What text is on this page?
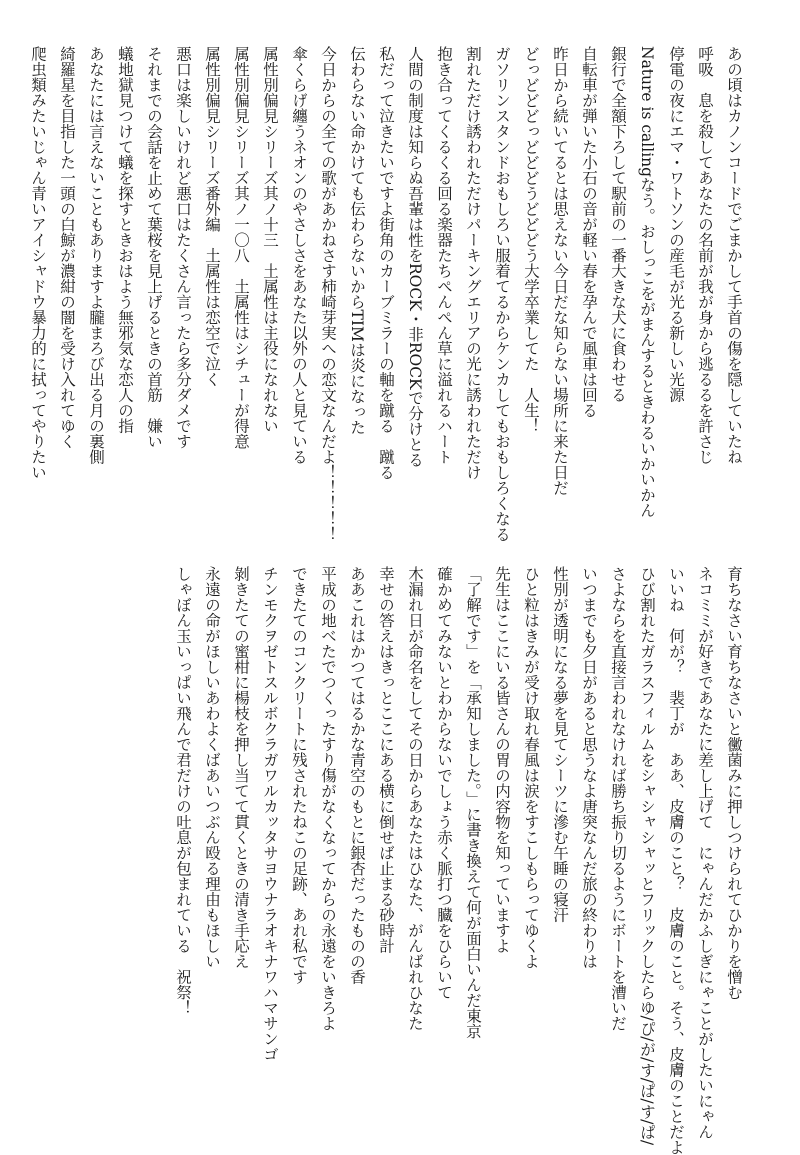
あの頃はカノンコードでごまかして手首の傷を隠していたね
呼吸　息を殺してあなたの名前が我が身から逃るるを許さじ
停電の夜にエマ・ワトソンの産毛が光る新しい光源
Nature is callingなう。おしっこをがまんするときわるいかいかん
銀行で全額下ろして駅前の一番大きな犬に食わせる
自転車が弾いた小石の音が軽い春を孕んで風車は回る
昨日から続いてるとは思えない今日だな知らない場所に来た日だ
どっどどどっどどどうどどどう大学卒業してた　人生！
ガソリンスタンドおもしろい服着てるからケンカしてもおもしろくなる
割れただけ誘われただけパーキングエリアの光に誘われただけ
抱き合ってくるくる回る楽器たちぺんぺん草に溢れるハート
人間の制度は知らぬ吾輩は性をROCK・非ROCKで分けとる
私だって泣きたいですよ街角のカーブミラーの軸を蹴る　蹴る
伝わらない命かけても伝わらないからTIMは炎になった
今日からの全ての歌があかねさす柿崎芽実への恋文なんだよ！！！！！
傘くらげ纏うネオンのやさしさをあなた以外の人と見ている
属性別偏見シリーズ其ノ十三　土属性は主役になれない
属性別偏見シリーズ其ノ一〇八　土属性はシチューが得意
属性別偏見シリーズ番外編　土属性は恋空で泣く
悪口は楽しいけれど悪口はたくさん言ったら多分ダメです
それまでの会話を止めて葉桜を見上げるときの首筋　嫌い
蟻地獄見つけて蟻を探すときおはよう無邪気な恋人の指
あなたには言えないこともありますよ朧まろび出る月の裏側
綺羅星を目指した一頭の白鯨が濃紺の闇を受け入れてゆく
爬虫類みたいじゃん青いアイシャドウ暴力的に拭ってやりたい
育ちなさい育ちなさいと黴菌みに押しつけられてひかりを憎む
ネコミミが好きであなたに差し上げて　にゃんだかふしぎにゃことがしたいにゃん
いいね　何が？　裴丁が　ああ、皮膚のこと？　皮膚のこと。そう、皮膚のことだよ
ひび割れたガラスフィルムをシャシャシャッとフリックしたらゆ/ぴ/が/す/ぱ/す/ぱ/
さよならを直接言われなければ勝ち振り切るようにボートを漕いだ
いつまでも夕日があると思うなよ唐突なんだ旅の終わりは
性別が透明になる夢を見てシーツに滲む午睡の寝汗
ひと粒はきみが受け取れ春風は涙をすこしもらってゆくよ
先生はここにいる皆さんの胃の内容物を知っていますよ
「了解です」を「承知しました。」に書き換えて何が面白いんだ東京
確かめてみないとわからないでしょう赤く脈打つ臓をひらいて
木漏れ日が命名をしてその日からあなたはひなた、がんばれひなた
幸せの答えはきっとここにある横に倒せば止まる砂時計
ああこれはかつてはるかな青空のもとに銀杏だったものの香
平成の地べたでつくったすり傷がなくなってからの永遠をいきろよ
できたてのコンクリートに残されたねこの足跡、あれ私です
チンモクヲゼトスルボクラガワルカッタサヨウナラオキナワハマサンゴ
剝きたての蜜柑に楊枝を押し当てて貫くときの清き手応え
永遠の命がほしいあわよくばあいつぶん殴る理由もほしい
しゃぼん玉いっぱい飛んで君だけの吐息が包まれている　祝祭！
